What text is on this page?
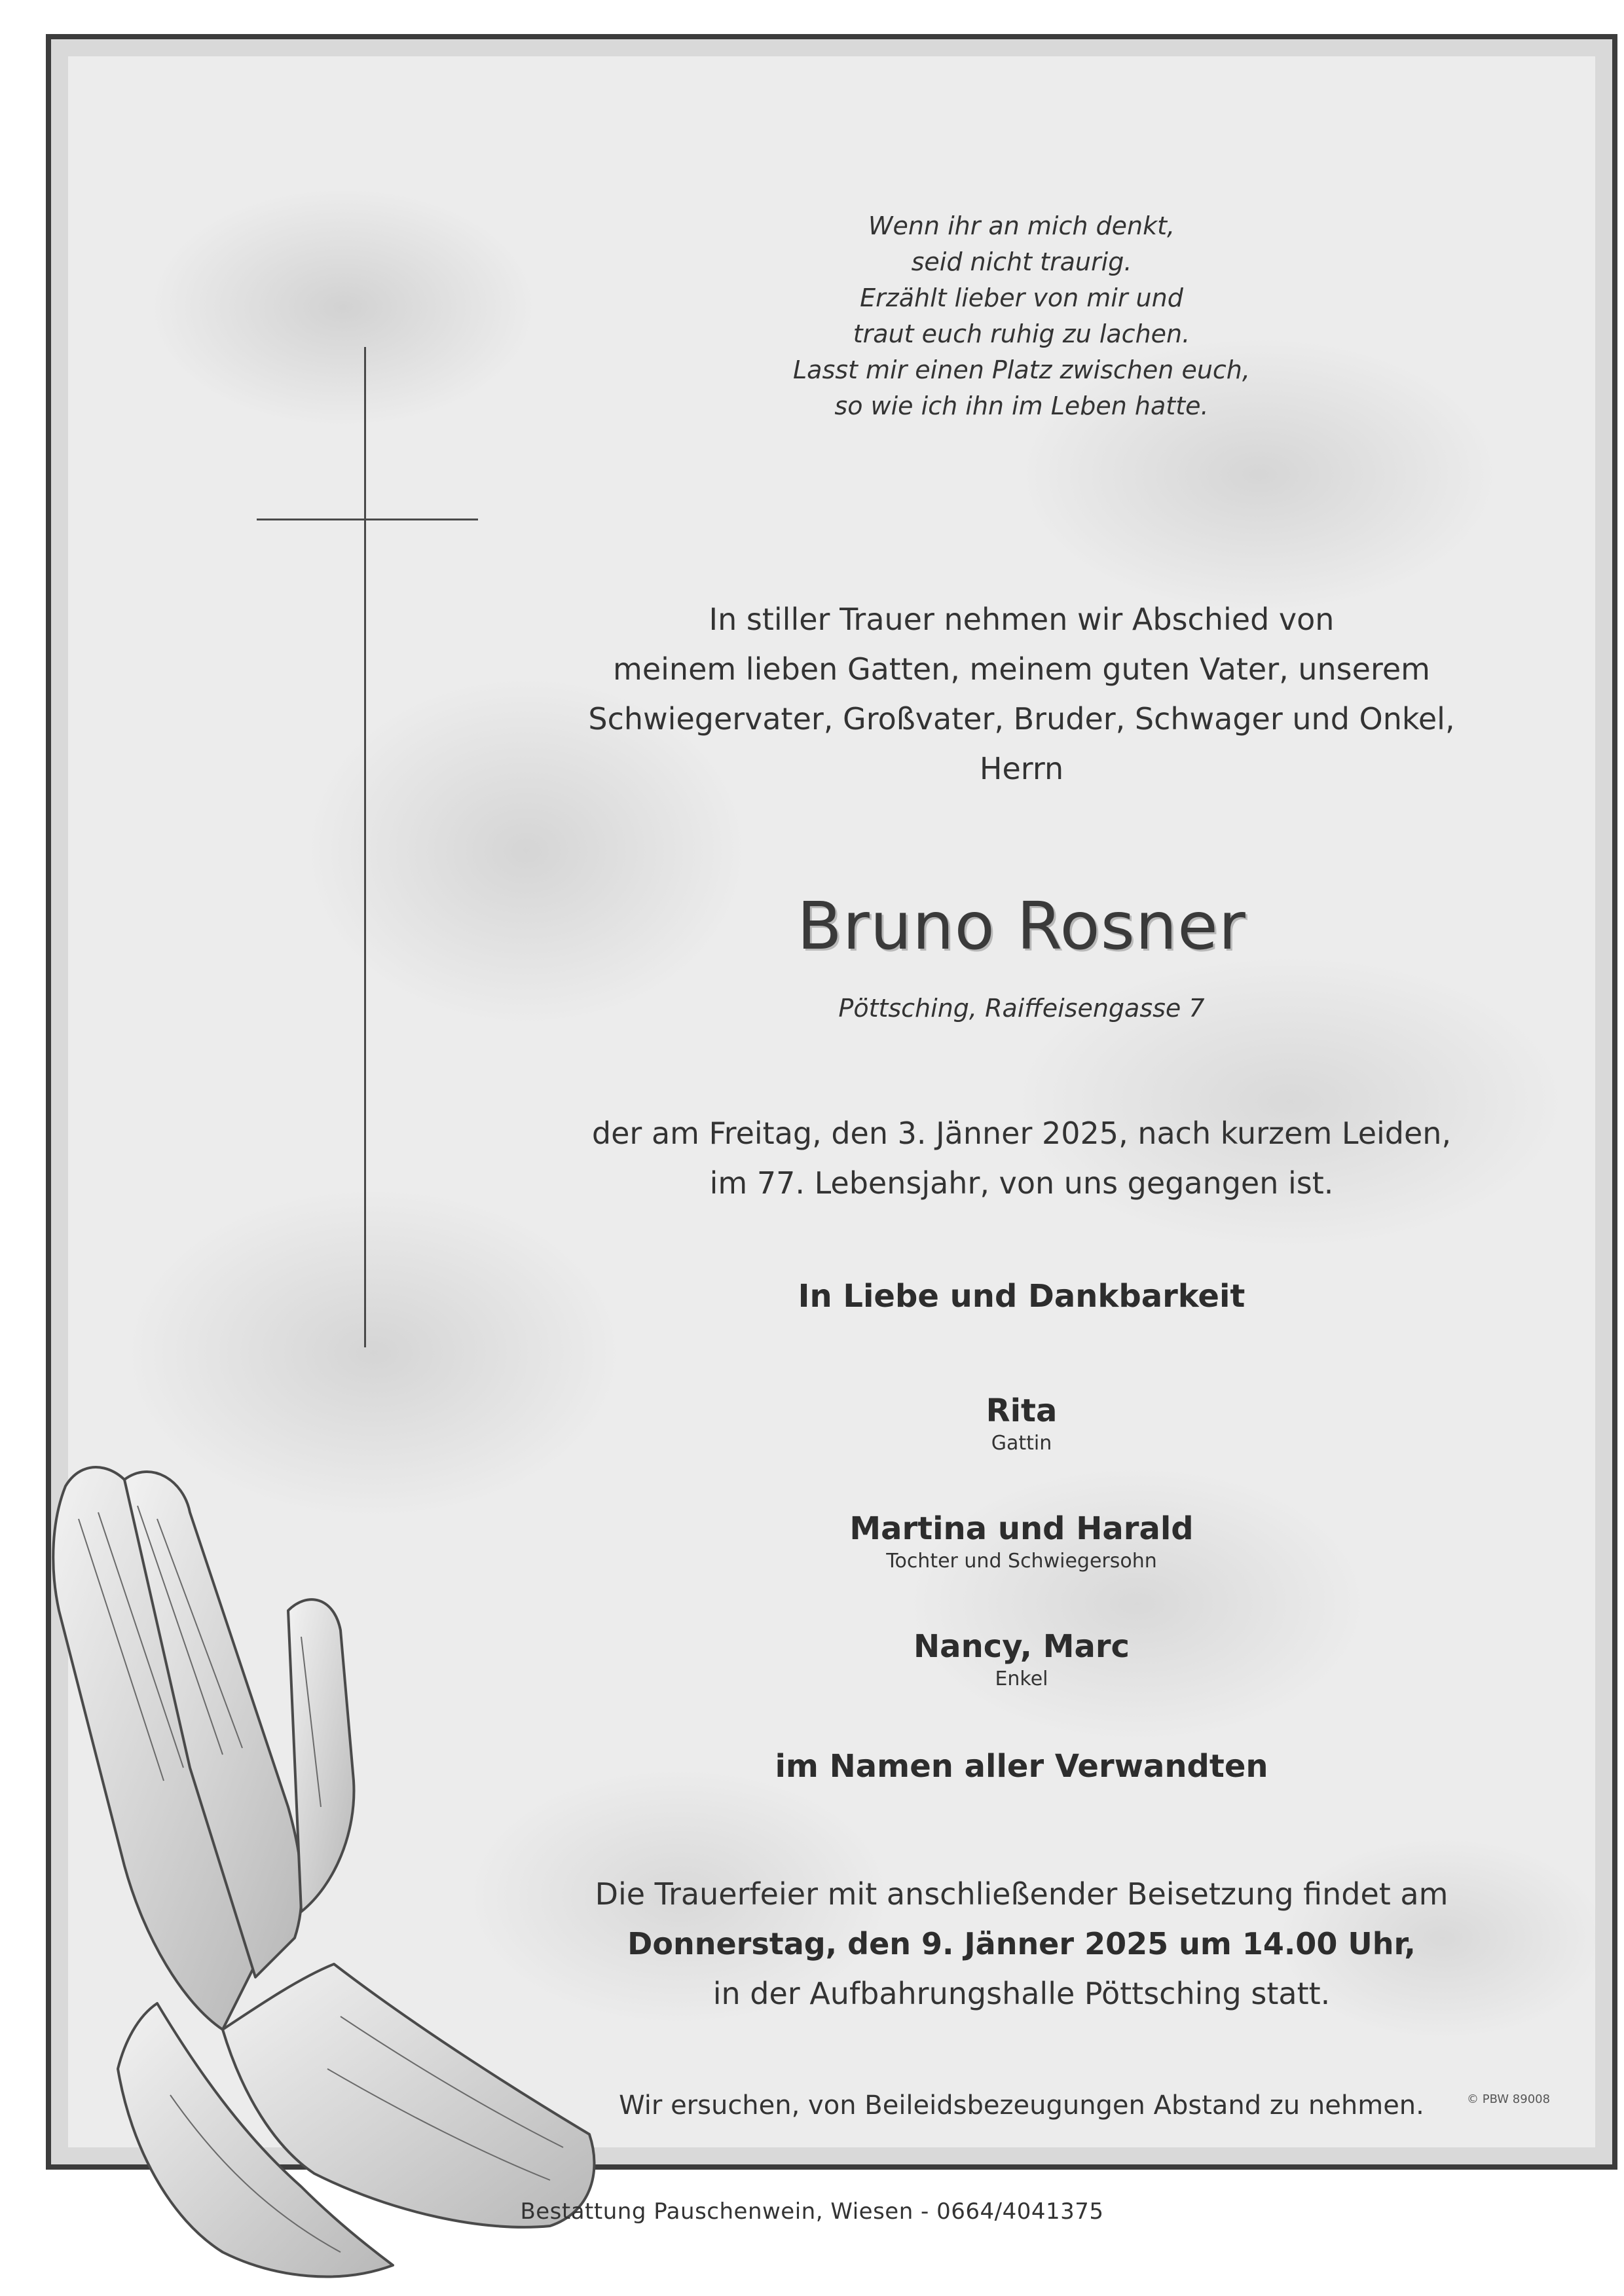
Wenn ihr an mich denkt,
seid nicht traurig.
Erzählt lieber von mir und
traut euch ruhig zu lachen.
Lasst mir einen Platz zwischen euch,
so wie ich ihn im Leben hatte.
In stiller Trauer nehmen wir Abschied von
meinem lieben Gatten, meinem guten Vater, unserem
Schwiegervater, Großvater, Bruder, Schwager und Onkel,
Herrn
Bruno Rosner
Pöttsching, Raiffeisengasse 7
der am Freitag, den 3. Jänner 2025, nach kurzem Leiden,
im 77. Lebensjahr, von uns gegangen ist.
In Liebe und Dankbarkeit
Rita
Gattin
Martina und Harald
Tochter und Schwiegersohn
Nancy, Marc
Enkel
im Namen aller Verwandten
Die Trauerfeier mit anschließender Beisetzung findet am
Donnerstag, den 9. Jänner 2025 um 14.00 Uhr,
in der Aufbahrungshalle Pöttsching statt.
Wir ersuchen, von Beileidsbezeugungen Abstand zu nehmen.	© PBW 89008
Bestattung Pauschenwein, Wiesen - 0664/4041375
